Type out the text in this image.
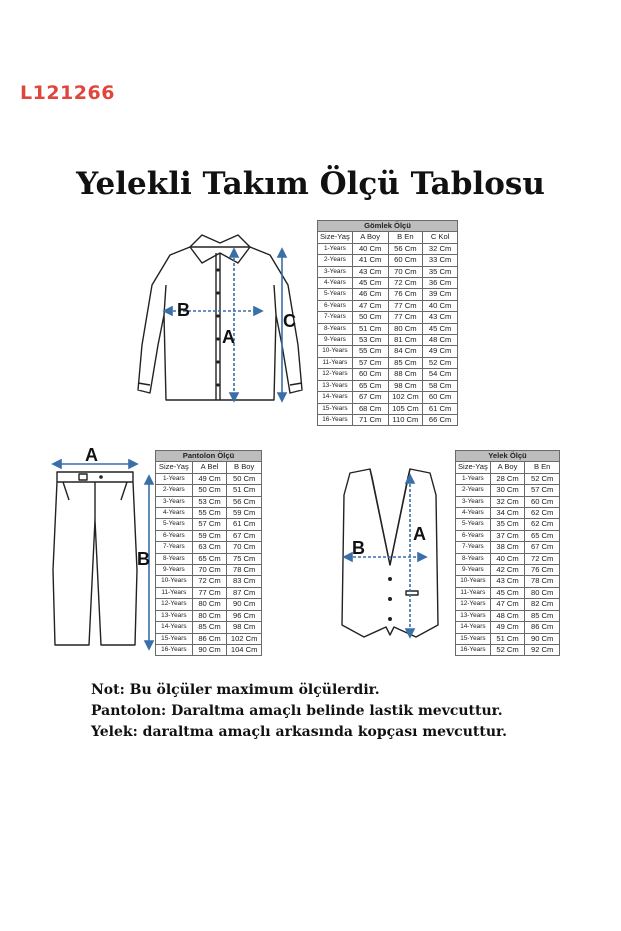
L121266
Yelekli Takım Ölçü Tablosu
A
B
C
A
B
A
B
Gömlek Ölçü			
Size-Yaş	A Boy	B En	C Kol
1-Years	40 Cm	56 Cm	32 Cm
2-Years	41 Cm	60 Cm	33 Cm
3-Years	43 Cm	70 Cm	35 Cm
4-Years	45 Cm	72 Cm	36 Cm
5-Years	46 Cm	76 Cm	39 Cm
6-Years	47 Cm	77 Cm	40 Cm
7-Years	50 Cm	77 Cm	43 Cm
8-Years	51 Cm	80 Cm	45 Cm
9-Years	53 Cm	81 Cm	48 Cm
10-Years	55 Cm	84 Cm	49 Cm
11-Years	57 Cm	85 Cm	52 Cm
12-Years	60 Cm	88 Cm	54 Cm
13-Years	65 Cm	98 Cm	58 Cm
14-Years	67 Cm	102 Cm	60 Cm
15-Years	68 Cm	105 Cm	61 Cm
16-Years	71 Cm	110 Cm	66 Cm
Pantolon Ölçü		
Size-Yaş	A Bel	B Boy
1-Years	49 Cm	50 Cm
2-Years	50 Cm	51 Cm
3-Years	53 Cm	56 Cm
4-Years	55 Cm	59 Cm
5-Years	57 Cm	61 Cm
6-Years	59 Cm	67 Cm
7-Years	63 Cm	70 Cm
8-Years	65 Cm	75 Cm
9-Years	70 Cm	78 Cm
10-Years	72 Cm	83 Cm
11-Years	77 Cm	87 Cm
12-Years	80 Cm	90 Cm
13-Years	80 Cm	96 Cm
14-Years	85 Cm	98 Cm
15-Years	86 Cm	102 Cm
16-Years	90 Cm	104 Cm
Yelek Ölçü		
Size-Yaş	A Boy	B En
1-Years	28 Cm	52 Cm
2-Years	30 Cm	57 Cm
3-Years	32 Cm	60 Cm
4-Years	34 Cm	62 Cm
5-Years	35 Cm	62 Cm
6-Years	37 Cm	65 Cm
7-Years	38 Cm	67 Cm
8-Years	40 Cm	72 Cm
9-Years	42 Cm	76 Cm
10-Years	43 Cm	78 Cm
11-Years	45 Cm	80 Cm
12-Years	47 Cm	82 Cm
13-Years	48 Cm	85 Cm
14-Years	49 Cm	86 Cm
15-Years	51 Cm	90 Cm
16-Years	52 Cm	92 Cm
Not: Bu ölçüler maximum ölçülerdir.
Pantolon: Daraltma amaçlı belinde lastik mevcuttur.
Yelek: daraltma amaçlı arkasında kopçası mevcuttur.
